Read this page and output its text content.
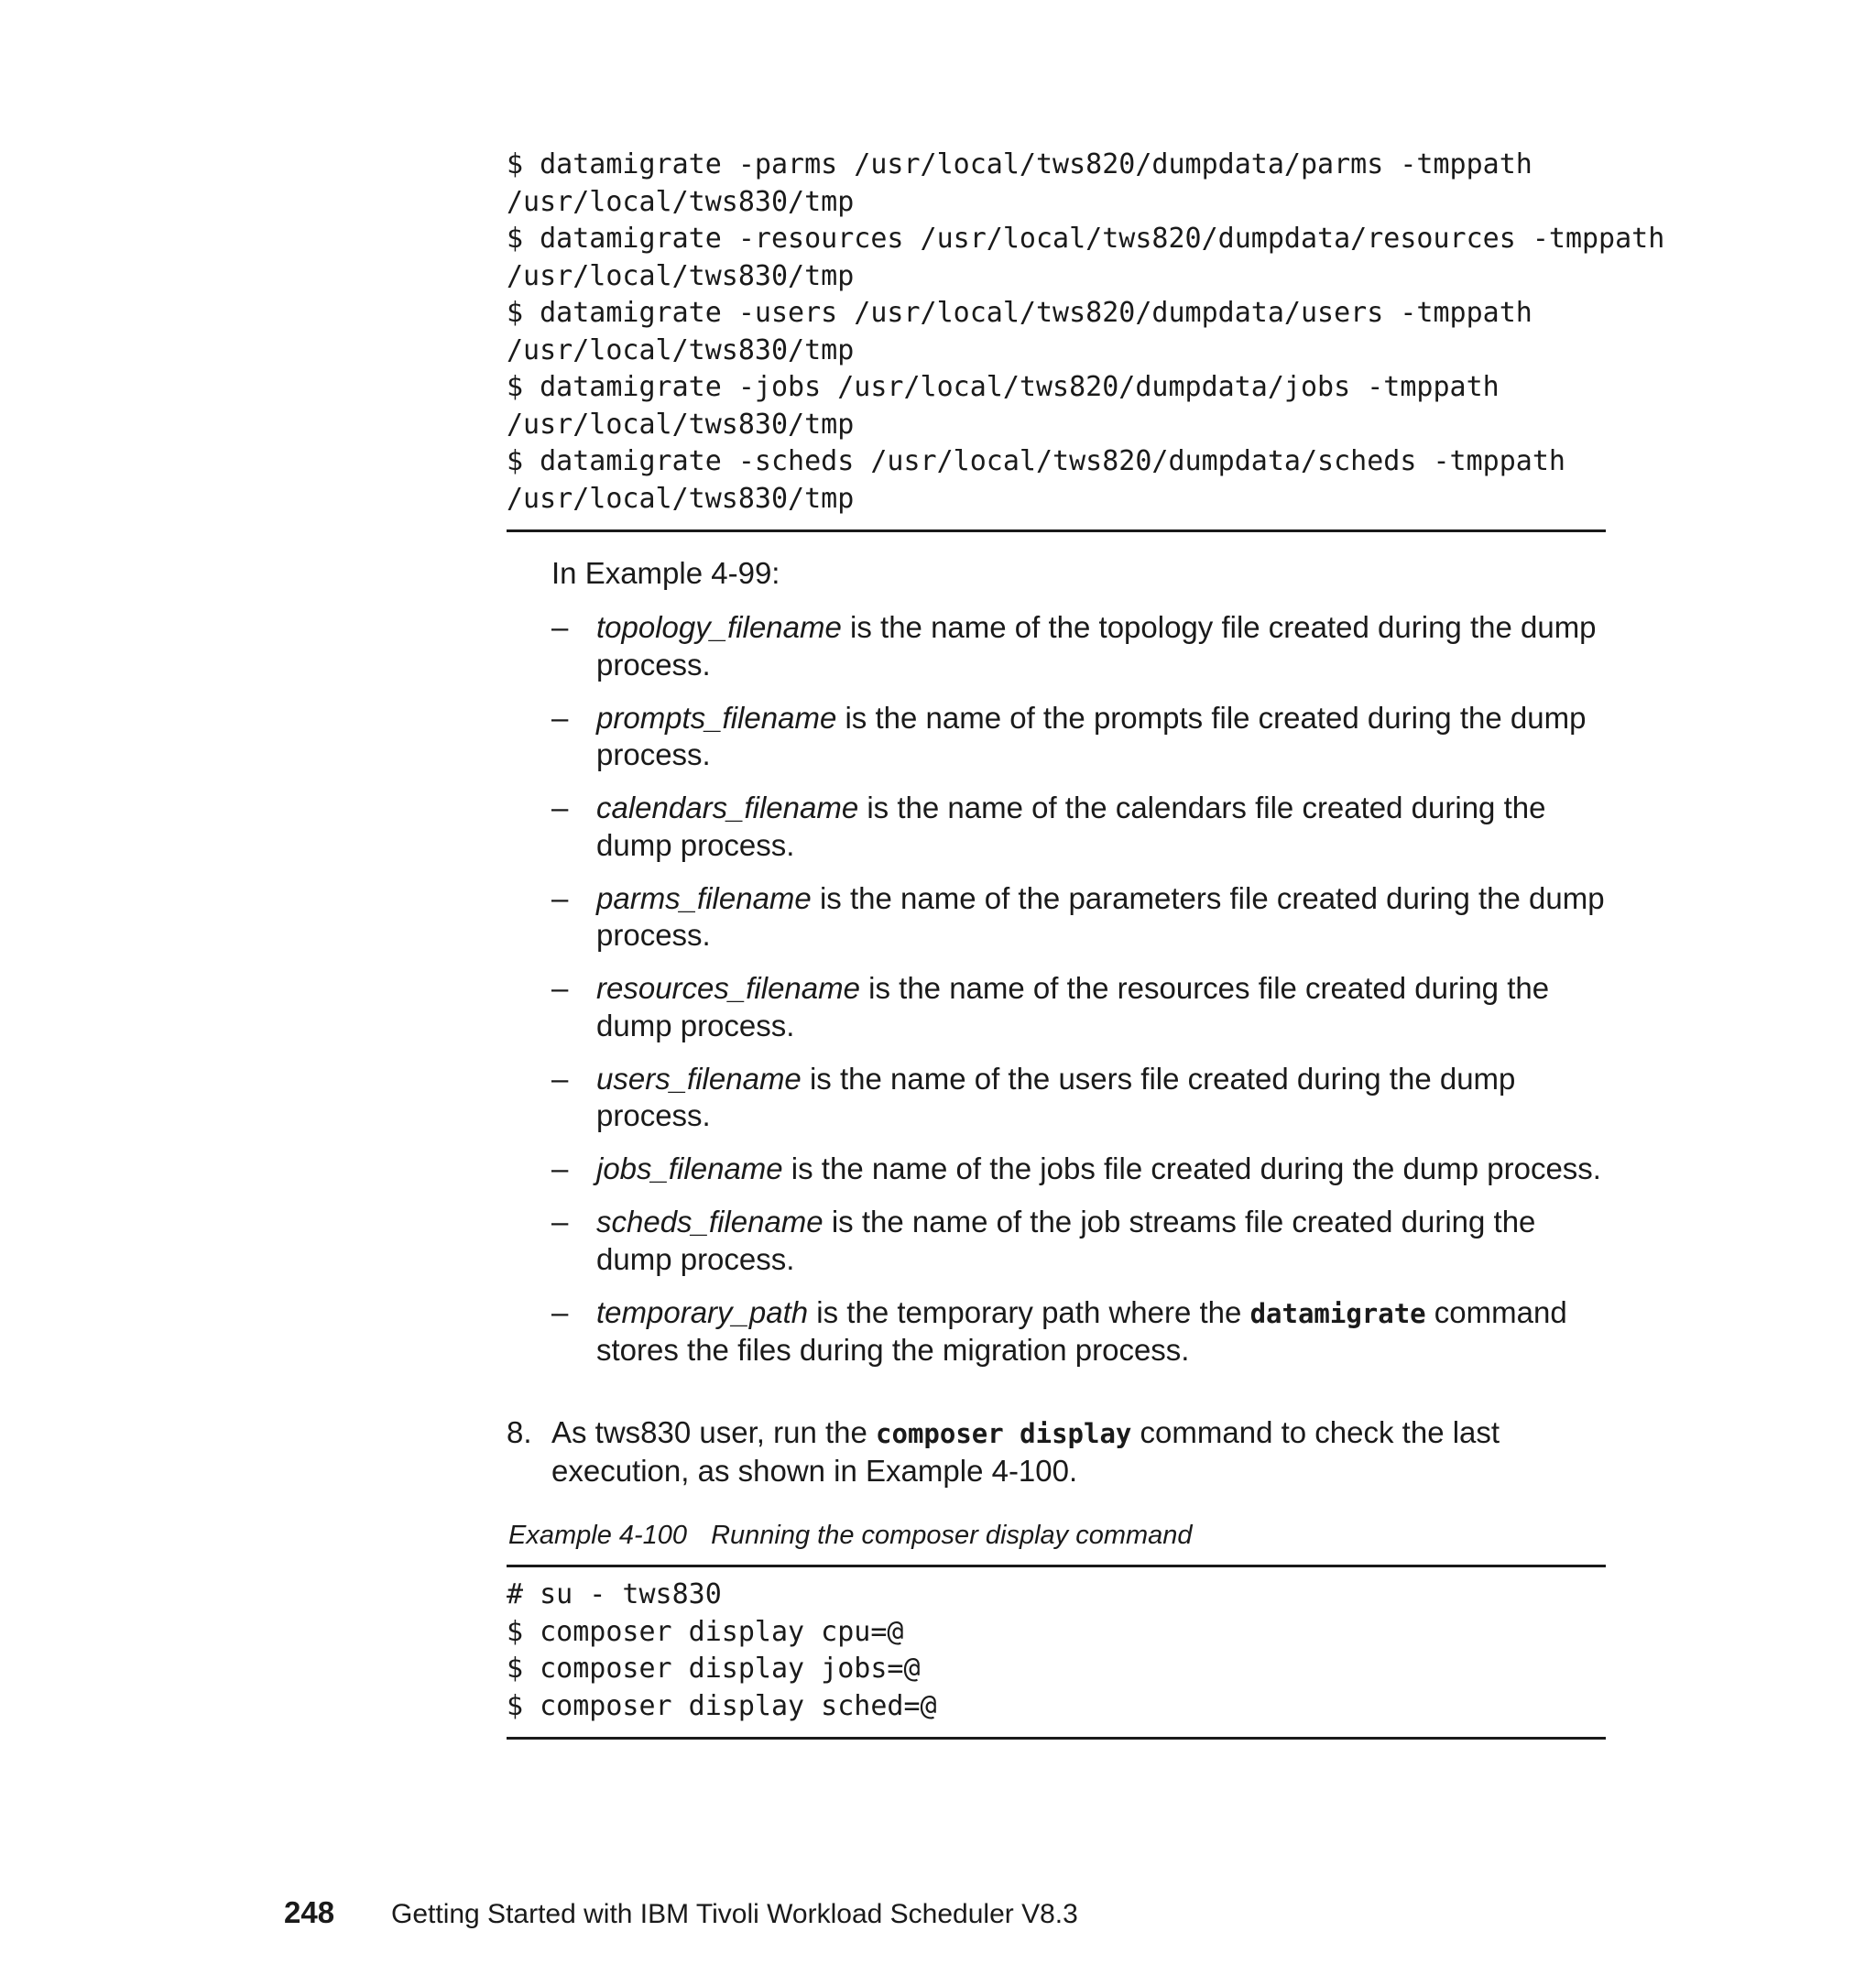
$ datamigrate -parms /usr/local/tws820/dumpdata/parms -tmppath
/usr/local/tws830/tmp
$ datamigrate -resources /usr/local/tws820/dumpdata/resources -tmppath
/usr/local/tws830/tmp
$ datamigrate -users /usr/local/tws820/dumpdata/users -tmppath
/usr/local/tws830/tmp
$ datamigrate -jobs /usr/local/tws820/dumpdata/jobs -tmppath
/usr/local/tws830/tmp
$ datamigrate -scheds /usr/local/tws820/dumpdata/scheds -tmppath
/usr/local/tws830/tmp

In Example 4-99:

– topology_filename is the name of the topology file created during the dump process.
– prompts_filename is the name of the prompts file created during the dump process.
– calendars_filename is the name of the calendars file created during the dump process.
– parms_filename is the name of the parameters file created during the dump process.
– resources_filename is the name of the resources file created during the dump process.
– users_filename is the name of the users file created during the dump process.
– jobs_filename is the name of the jobs file created during the dump process.
– scheds_filename is the name of the job streams file created during the dump process.
– temporary_path is the temporary path where the datamigrate command stores the files during the migration process.
8. As tws830 user, run the composer display command to check the last execution, as shown in Example 4-100.
Example 4-100 Running the composer display command
# su - tws830
$ composer display cpu=@
$ composer display jobs=@
$ composer display sched=@
248 Getting Started with IBM Tivoli Workload Scheduler V8.3
